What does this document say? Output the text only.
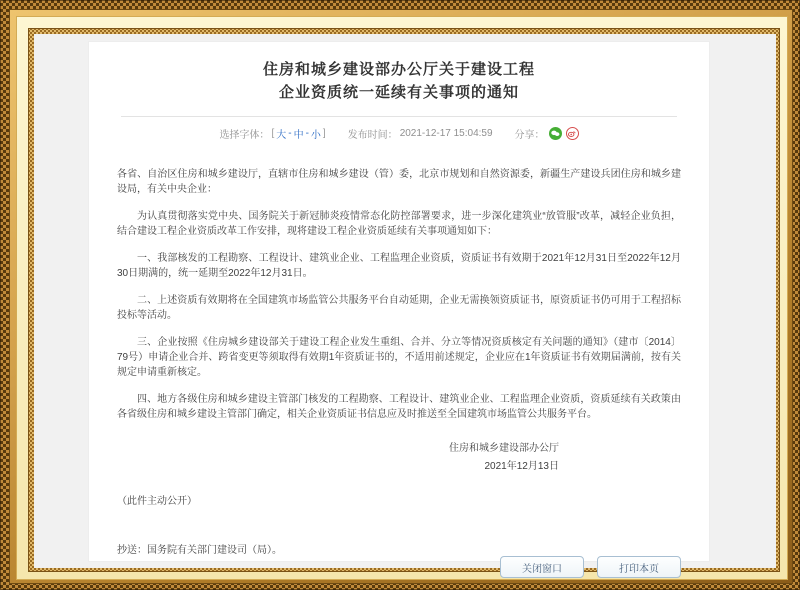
住房和城乡建设部办公厅关于建设工程
企业资质统一延续有关事项的通知
选择字体： [ 大 - 中 - 小 ] 发布时间： 2021-12-17 15:04:59 分享：

各省、自治区住房和城乡建设厅，直辖市住房和城乡建设（管）委，北京市规划和自然资源委，新疆生产建设兵团住房和城乡建设局，有关中央企业：

为认真贯彻落实党中央、国务院关于新冠肺炎疫情常态化防控部署要求，进一步深化建筑业“放管服”改革，减轻企业负担，结合建设工程企业资质改革工作安排，现将建设工程企业资质延续有关事项通知如下：

一、我部核发的工程勘察、工程设计、建筑业企业、工程监理企业资质，资质证书有效期于2021年12月31日至2022年12月30日期满的，统一延期至2022年12月31日。

二、上述资质有效期将在全国建筑市场监管公共服务平台自动延期，企业无需换领资质证书，原资质证书仍可用于工程招标投标等活动。

三、企业按照《住房城乡建设部关于建设工程企业发生重组、合并、分立等情况资质核定有关问题的通知》（建市〔2014〕79号）申请企业合并、跨省变更等须取得有效期1年资质证书的，不适用前述规定，企业应在1年资质证书有效期届满前，按有关规定申请重新核定。

四、地方各级住房和城乡建设主管部门核发的工程勘察、工程设计、建筑业企业、工程监理企业资质，资质延续有关政策由各省级住房和城乡建设主管部门确定，相关企业资质证书信息应及时推送至全国建筑市场监管公共服务平台。

住房和城乡建设部办公厅
2021年12月13日
（此件主动公开）
抄送：国务院有关部门建设司（局）。
关闭窗口	打印本页
